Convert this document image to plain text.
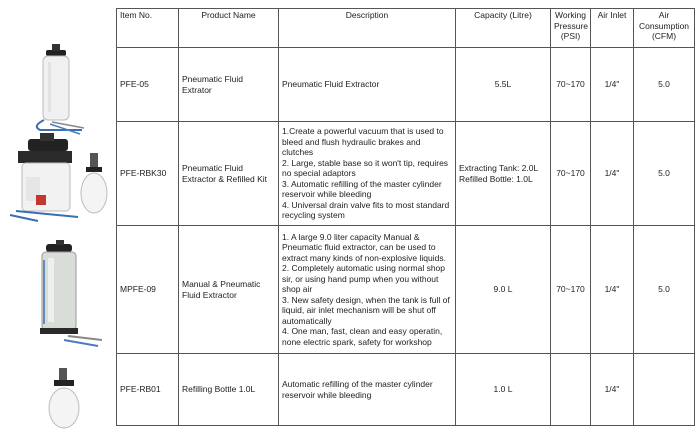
Item No.	Product Name	Description	Capacity (Litre)	Working Pressure (PSI)	Air Inlet	Air Consumption (CFM)
PFE-05	Pneumatic Fluid Extrator	Pneumatic Fluid Extractor	5.5L	70~170	1/4"	5.0
PFE-RBK30	Pneumatic Fluid Extractor & Refilled Kit	1.Create a powerful vacuum that is used to bleed and flush hydraulic brakes and clutches
2. Large, stable base so it won't tip, requires no special adaptors
3. Automatic refilling of the master cylinder reservoir while bleeding
4. Universal drain valve fits to most standard recycling system	Extracting Tank: 2.0L
Refilled Bottle: 1.0L	70~170	1/4"	5.0
MPFE-09	Manual & Pneumatic Fluid Extractor	1. A large 9.0 liter capacity Manual & Pneumatic fluid extractor, can be used to extract many kinds of non-explosive liquids.
2. Completely automatic using normal shop sir, or using hand pump when you without shop air
3. New safety design, when the tank is full of liquid, air inlet mechanism will be shut off automatically
4. One man, fast, clean and easy operatin, none electric spark, safety for workshop	9.0 L	70~170	1/4"	5.0
PFE-RB01	Refilling Bottle 1.0L	Automatic refilling of the master cylinder reservoir while bleeding	1.0 L		1/4"	
